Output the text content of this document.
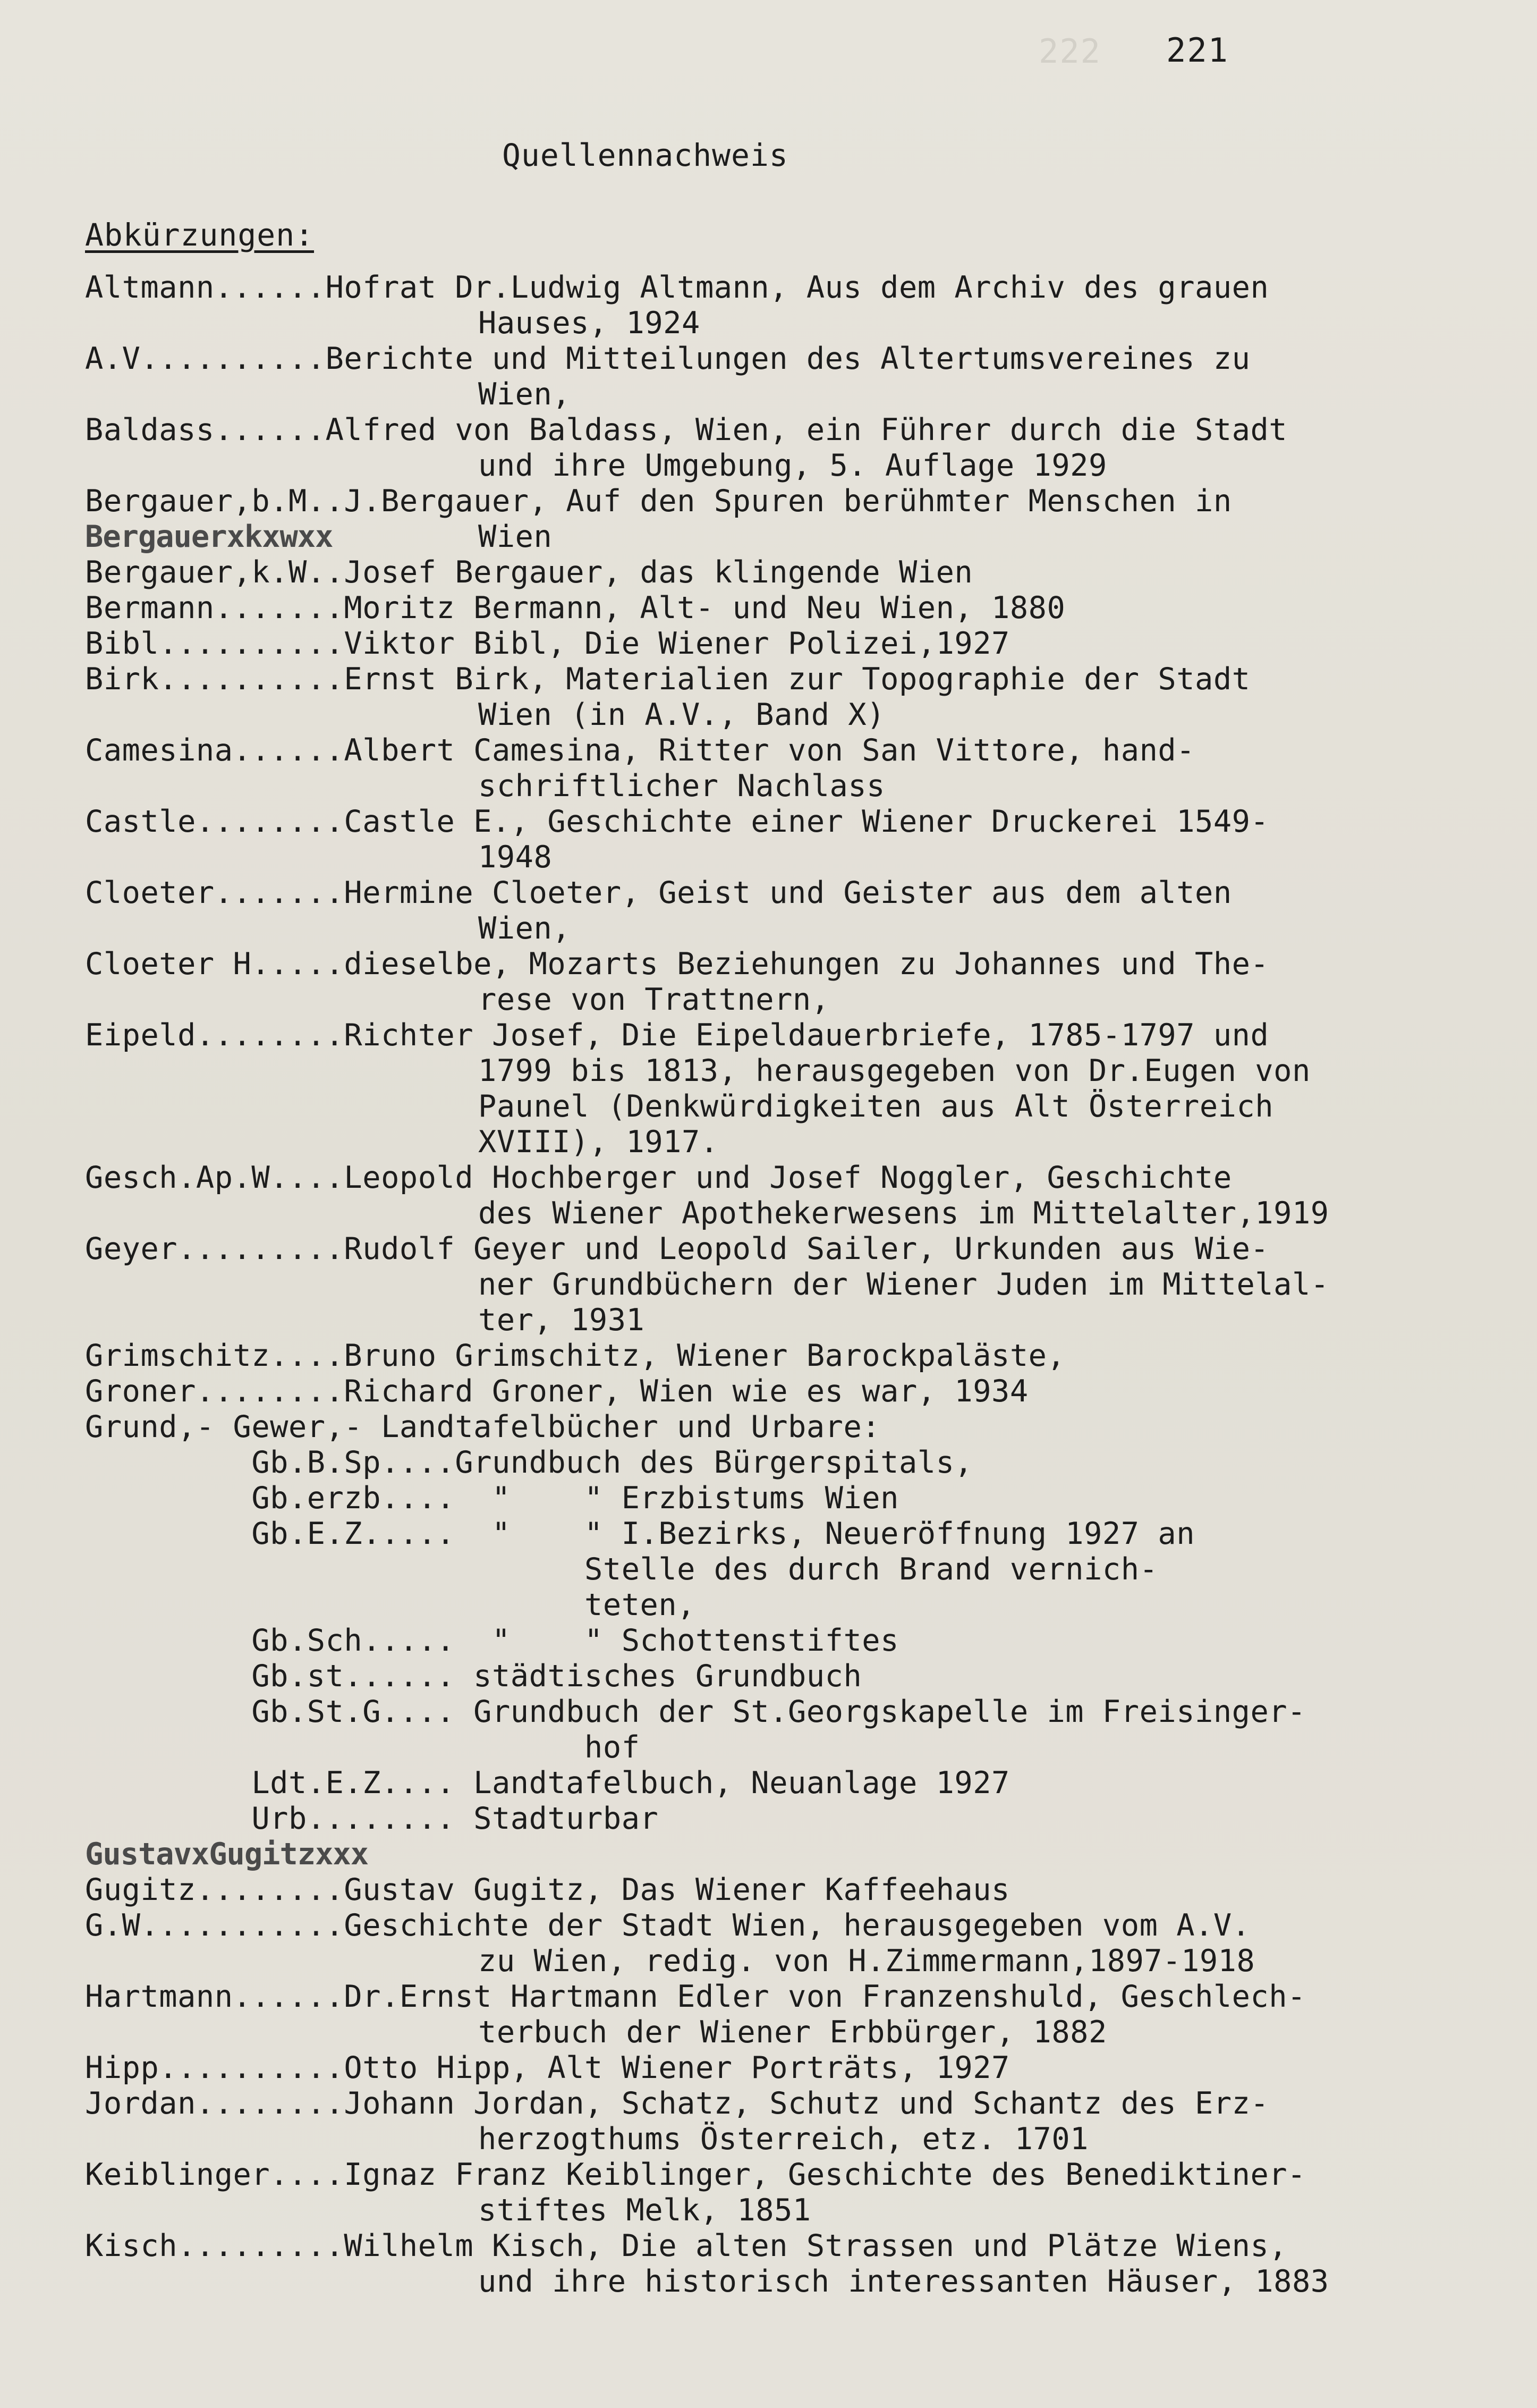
222 221
Quellennachweis
Abkürzungen:
Altmann......Hofrat Dr.Ludwig Altmann, Aus dem Archiv des grauen
Hauses, 1924
A.V..........Berichte und Mitteilungen des Altertumsvereines zu
Wien,
Baldass......Alfred von Baldass, Wien, ein Führer durch die Stadt
und ihre Umgebung, 5. Auflage 1929
Bergauer,b.M..J.Bergauer, Auf den Spuren berühmter Menschen in
Bergauerxkxwxx	Wien
Bergauer,k.W..Josef Bergauer, das klingende Wien
Bermann.......Moritz Bermann, Alt- und Neu Wien, 1880
Bibl..........Viktor Bibl, Die Wiener Polizei,1927
Birk..........Ernst Birk, Materialien zur Topographie der Stadt
Wien (in A.V., Band X)
Camesina......Albert Camesina, Ritter von San Vittore, hand-
schriftlicher Nachlass
Castle........Castle E., Geschichte einer Wiener Druckerei 1549-
1948
Cloeter.......Hermine Cloeter, Geist und Geister aus dem alten
Wien,
Cloeter H.....dieselbe, Mozarts Beziehungen zu Johannes und The-
rese von Trattnern,
Eipeld........Richter Josef, Die Eipeldauerbriefe, 1785-1797 und
1799 bis 1813, herausgegeben von Dr.Eugen von
Paunel (Denkwürdigkeiten aus Alt Österreich
XVIII), 1917.
Gesch.Ap.W....Leopold Hochberger und Josef Noggler, Geschichte
des Wiener Apothekerwesens im Mittelalter,1919
Geyer.........Rudolf Geyer und Leopold Sailer, Urkunden aus Wie-
ner Grundbüchern der Wiener Juden im Mittelal-
ter, 1931
Grimschitz....Bruno Grimschitz, Wiener Barockpaläste,
Groner........Richard Groner, Wien wie es war, 1934
Grund,- Gewer,- Landtafelbücher und Urbare:
Gb.B.Sp....Grundbuch des Bürgerspitals,
Gb.erzb....  "    " Erzbistums Wien
Gb.E.Z.....  "    " I.Bezirks, Neueröffnung 1927 an
Stelle des durch Brand vernich-
teten,
Gb.Sch.....  "    " Schottenstiftes
Gb.st...... städtisches Grundbuch
Gb.St.G.... Grundbuch der St.Georgskapelle im Freisinger-
hof
Ldt.E.Z.... Landtafelbuch, Neuanlage 1927
Urb........ Stadturbar
GustavxGugitzxxx
Gugitz........Gustav Gugitz, Das Wiener Kaffeehaus
G.W...........Geschichte der Stadt Wien, herausgegeben vom A.V.
zu Wien, redig. von H.Zimmermann,1897-1918
Hartmann......Dr.Ernst Hartmann Edler von Franzenshuld, Geschlech-
terbuch der Wiener Erbbürger, 1882
Hipp..........Otto Hipp, Alt Wiener Porträts, 1927
Jordan........Johann Jordan, Schatz, Schutz und Schantz des Erz-
herzogthums Österreich, etz. 1701
Keiblinger....Ignaz Franz Keiblinger, Geschichte des Benediktiner-
stiftes Melk, 1851
Kisch.........Wilhelm Kisch, Die alten Strassen und Plätze Wiens,
und ihre historisch interessanten Häuser, 1883
